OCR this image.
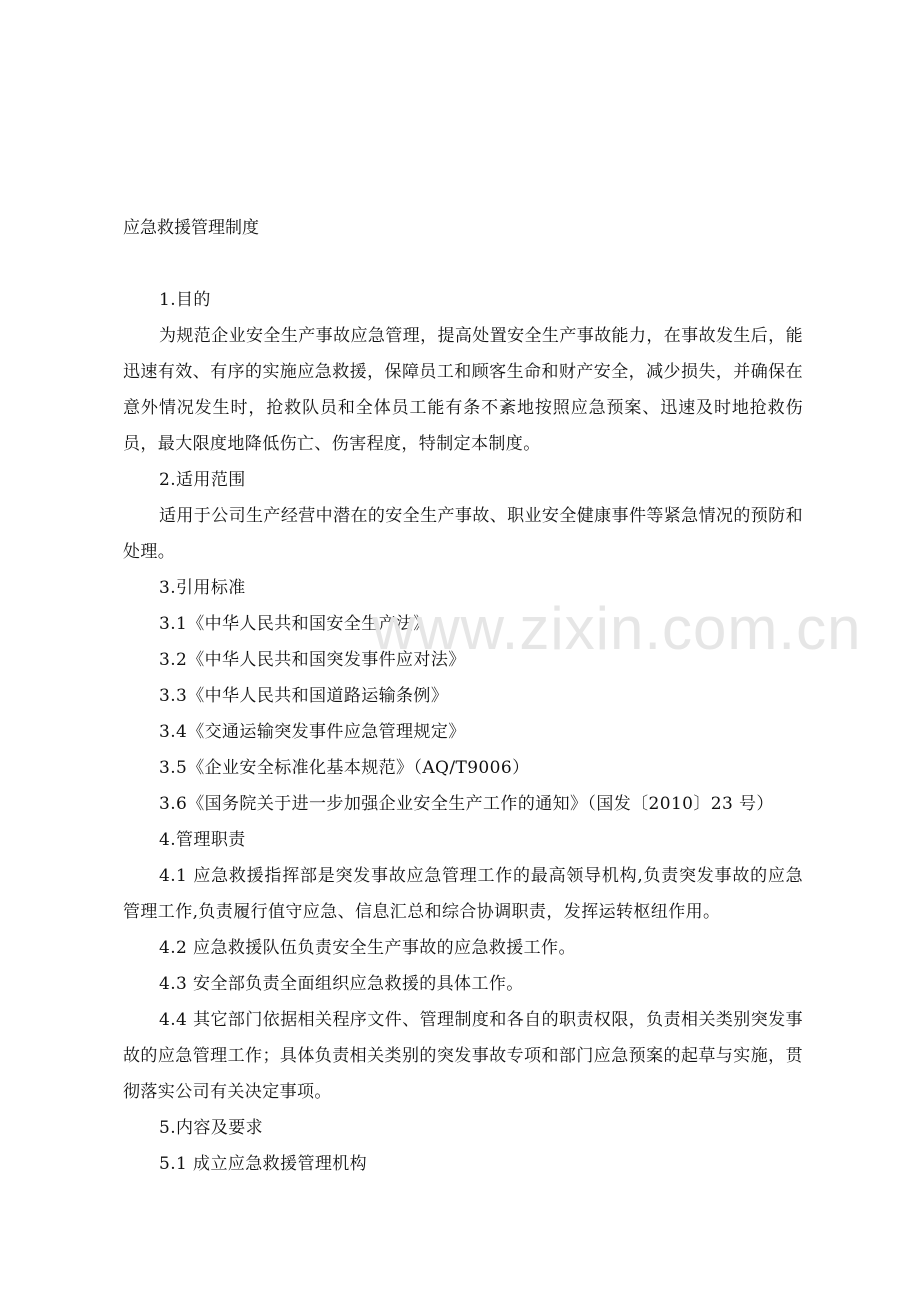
应急救援管理制度

1.目的

为规范企业安全生产事故应急管理，提高处置安全生产事故能力，在事故发生后，能迅速有效、有序的实施应急救援，保障员工和顾客生命和财产安全，减少损失，并确保在意外情况发生时，抢救队员和全体员工能有条不紊地按照应急预案、迅速及时地抢救伤员，最大限度地降低伤亡、伤害程度，特制定本制度。

2.适用范围

适用于公司生产经营中潜在的安全生产事故、职业安全健康事件等紧急情况的预防和处理。

3.引用标准

3.1《中华人民共和国安全生产法》

3.2《中华人民共和国突发事件应对法》

3.3《中华人民共和国道路运输条例》

3.4《交通运输突发事件应急管理规定》

3.5《企业安全标准化基本规范》（AQ/T9006）

3.6《国务院关于进一步加强企业安全生产工作的通知》（国发〔2010〕23 号）

4.管理职责

4.1 应急救援指挥部是突发事故应急管理工作的最高领导机构,负责突发事故的应急管理工作,负责履行值守应急、信息汇总和综合协调职责，发挥运转枢纽作用。

4.2 应急救援队伍负责安全生产事故的应急救援工作。

4.3 安全部负责全面组织应急救援的具体工作。

4.4 其它部门依据相关程序文件、管理制度和各自的职责权限，负责相关类别突发事故的应急管理工作；具体负责相关类别的突发事故专项和部门应急预案的起草与实施，贯彻落实公司有关决定事项。

5.内容及要求

5.1 成立应急救援管理机构

www.zixin.com.cn
